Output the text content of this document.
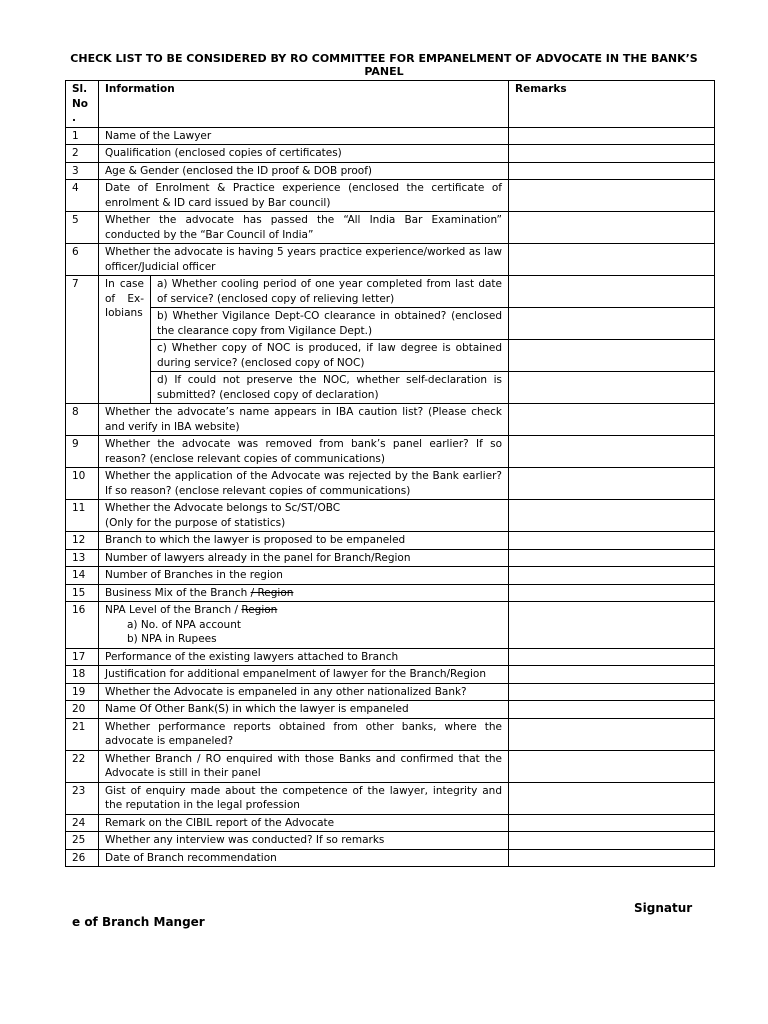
CHECK LIST TO BE CONSIDERED BY RO COMMITTEE FOR EMPANELMENT OF ADVOCATE IN THE BANK’S PANEL
Sl. No .	Information		Remarks
1	Name of the Lawyer		
2	Qualification (enclosed copies of certificates)		
3	Age & Gender (enclosed the ID proof & DOB proof)		
4	Date of Enrolment & Practice experience (enclosed the certificate of enrolment & ID card issued by Bar council)		
5	Whether the advocate has passed the “All India Bar Examination” conducted by the “Bar Council of India”		
6	Whether the advocate is having 5 years practice experience/worked as law officer/Judicial officer		
7	In case of Ex-Iobians	a) Whether cooling period of one year completed from last date of service? (enclosed copy of relieving letter)	
		b) Whether Vigilance Dept-CO clearance in obtained? (enclosed the clearance copy from Vigilance Dept.)	
		c) Whether copy of NOC is produced, if law degree is obtained during service? (enclosed copy of NOC)	
		d) If could not preserve the NOC, whether self-declaration is submitted? (enclosed copy of declaration)	
8	Whether the advocate’s name appears in IBA caution list? (Please check and verify in IBA website)		
9	Whether the advocate was removed from bank’s panel earlier? If so reason? (enclose relevant copies of communications)		
10	Whether the application of the Advocate was rejected by the Bank earlier? If so reason? (enclose relevant copies of communications)		
11	Whether the Advocate belongs to Sc/ST/OBC
(Only for the purpose of statistics)		

12	Branch to which the lawyer is proposed to be empaneled		
13	Number of lawyers already in the panel for Branch/Region		
14	Number of Branches in the region		
15	Business Mix of the Branch / Region		
16	NPA Level of the Branch / Region
a) No. of NPA account
b) NPA in Rupees		

17	Performance of the existing lawyers attached to Branch		
18	Justification for additional empanelment of lawyer for the Branch/Region		
19	Whether the Advocate is empaneled in any other nationalized Bank?		
20	Name Of Other Bank(S) in which the lawyer is empaneled		
21	Whether performance reports obtained from other banks, where the advocate is empaneled?		
22	Whether Branch / RO enquired with those Banks and confirmed that the Advocate is still in their panel		
23	Gist of enquiry made about the competence of the lawyer, integrity and the reputation in the legal profession		
24	Remark on the CIBIL report of the Advocate		
25	Whether any interview was conducted? If so remarks		
26	Date of Branch recommendation		
Signatur
e of Branch Manger
